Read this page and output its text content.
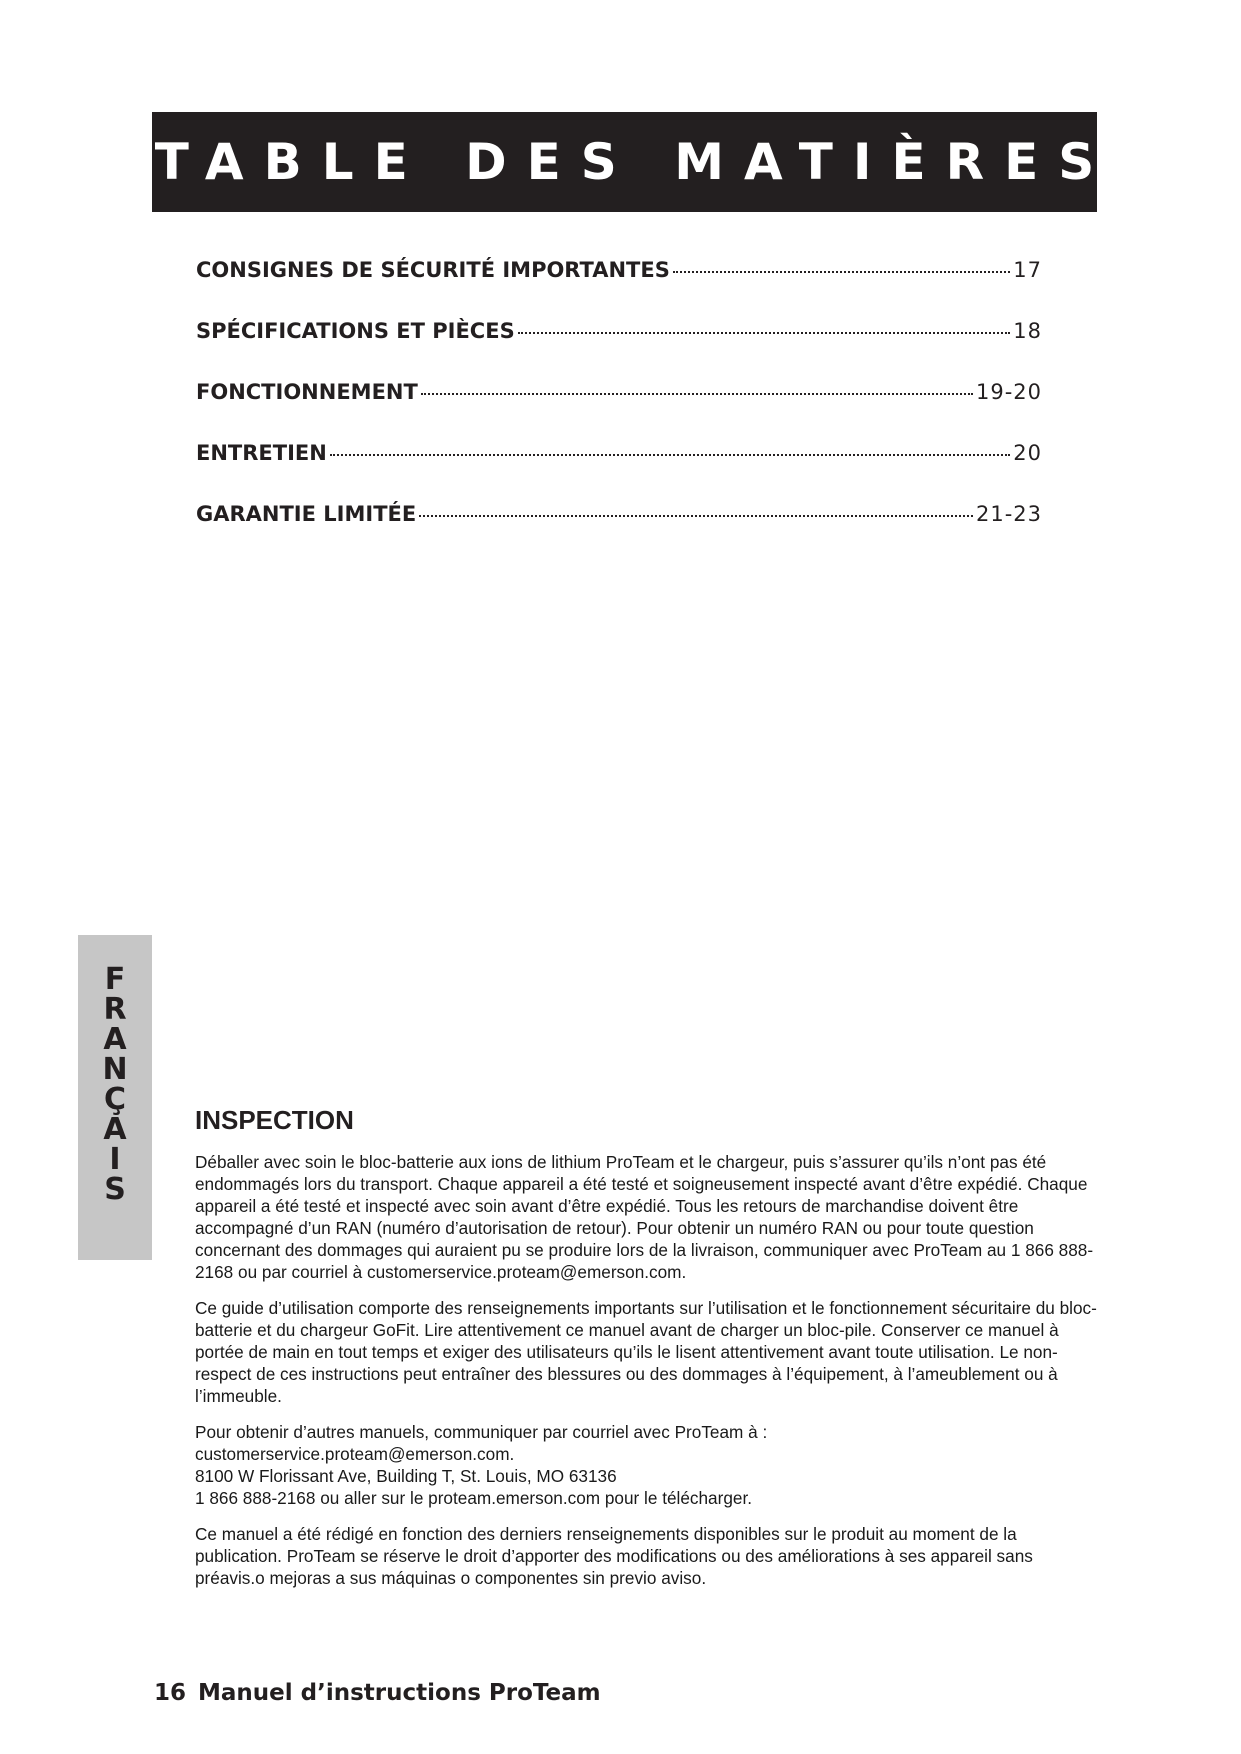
TABLE DES MATIÈRES
CONSIGNES DE SÉCURITÉ IMPORTANTES	17
SPÉCIFICATIONS ET PIÈCES	18
FONCTIONNEMENT	19-20
ENTRETIEN	20
GARANTIE LIMITÉE	21-23
F
R
A
N
Ç
A
I
S
INSPECTION

Déballer avec soin le bloc-batterie aux ions de lithium ProTeam et le chargeur, puis s’assurer qu’ils n’ont pas été endommagés lors du transport. Chaque appareil a été testé et soigneusement inspecté avant d’être expédié. Chaque appareil a été testé et inspecté avec soin avant d’être expédié. Tous les retours de marchandise doivent être accompagné d’un RAN (numéro d’autorisation de retour). Pour obtenir un numéro RAN ou pour toute question concernant des dommages qui auraient pu se produire lors de la livraison, communiquer avec ProTeam au 1 866 888-2168 ou par courriel à customerservice.proteam@emerson.com.

Ce guide d’utilisation comporte des renseignements importants sur l’utilisation et le fonctionnement sécuritaire du bloc-batterie et du chargeur GoFit. Lire attentivement ce manuel avant de charger un bloc-pile. Conserver ce manuel à portée de main en tout temps et exiger des utilisateurs qu’ils le lisent attentivement avant toute utilisation. Le non-respect de ces instructions peut entraîner des blessures ou des dommages à l’équipement, à l’ameublement ou à l’immeuble.

Pour obtenir d’autres manuels, communiquer par courriel avec ProTeam à :
customerservice.proteam@emerson.com.
8100 W Florissant Ave, Building T, St. Louis, MO 63136
1 866 888-2168 ou aller sur le proteam.emerson.com pour le télécharger.

Ce manuel a été rédigé en fonction des derniers renseignements disponibles sur le produit au moment de la publication. ProTeam se réserve le droit d’apporter des modifications ou des améliorations à ses appareil sans préavis.o mejoras a sus máquinas o componentes sin previo aviso.

16 Manuel d’instructions ProTeam
